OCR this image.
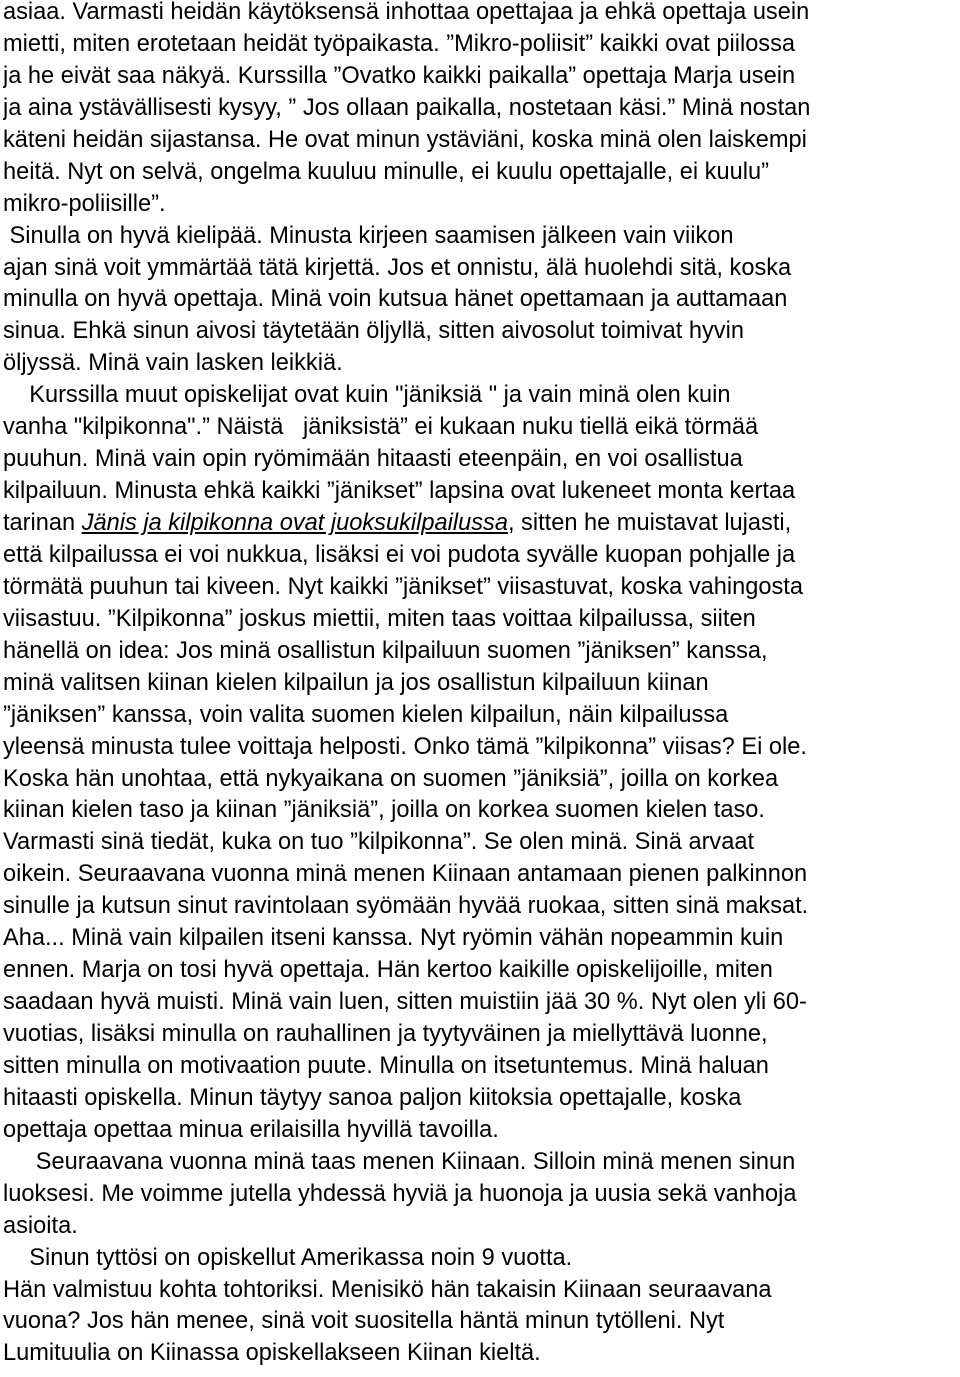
asiaa. Varmasti heidän käytöksensä inhottaa opettajaa ja ehkä opettaja usein
mietti, miten erotetaan heidät työpaikasta. ”Mikro-poliisit” kaikki ovat piilossa
ja he eivät saa näkyä. Kurssilla ”Ovatko kaikki paikalla” opettaja Marja usein
ja aina ystävällisesti kysyy, ” Jos ollaan paikalla, nostetaan käsi.” Minä nostan
käteni heidän sijastansa. He ovat minun ystäviäni, koska minä olen laiskempi
heitä. Nyt on selvä, ongelma kuuluu minulle, ei kuulu opettajalle, ei kuulu”
mikro-poliisille”.
Sinulla on hyvä kielipää. Minusta kirjeen saamisen jälkeen vain viikon
ajan sinä voit ymmärtää tätä kirjettä. Jos et onnistu, älä huolehdi sitä, koska
minulla on hyvä opettaja. Minä voin kutsua hänet opettamaan ja auttamaan
sinua. Ehkä sinun aivosi täytetään öljyllä, sitten aivosolut toimivat hyvin
öljyssä. Minä vain lasken leikkiä.
Kurssilla muut opiskelijat ovat kuin "jäniksiä " ja vain minä olen kuin
vanha "kilpikonna".” Näistä   jäniksistä” ei kukaan nuku tiellä eikä törmää
puuhun. Minä vain opin ryömimään hitaasti eteenpäin, en voi osallistua
kilpailuun. Minusta ehkä kaikki ”jänikset” lapsina ovat lukeneet monta kertaa
tarinan Jänis ja kilpikonna ovat juoksukilpailussa, sitten he muistavat lujasti,
että kilpailussa ei voi nukkua, lisäksi ei voi pudota syvälle kuopan pohjalle ja
törmätä puuhun tai kiveen. Nyt kaikki ”jänikset” viisastuvat, koska vahingosta
viisastuu. ”Kilpikonna” joskus miettii, miten taas voittaa kilpailussa, siiten
hänellä on idea: Jos minä osallistun kilpailuun suomen ”jäniksen” kanssa,
minä valitsen kiinan kielen kilpailun ja jos osallistun kilpailuun kiinan
”jäniksen” kanssa, voin valita suomen kielen kilpailun, näin kilpailussa
yleensä minusta tulee voittaja helposti. Onko tämä ”kilpikonna” viisas? Ei ole.
Koska hän unohtaa, että nykyaikana on suomen ”jäniksiä”, joilla on korkea
kiinan kielen taso ja kiinan ”jäniksiä”, joilla on korkea suomen kielen taso.
Varmasti sinä tiedät, kuka on tuo ”kilpikonna”. Se olen minä. Sinä arvaat
oikein. Seuraavana vuonna minä menen Kiinaan antamaan pienen palkinnon
sinulle ja kutsun sinut ravintolaan syömään hyvää ruokaa, sitten sinä maksat.
Aha... Minä vain kilpailen itseni kanssa. Nyt ryömin vähän nopeammin kuin
ennen. Marja on tosi hyvä opettaja. Hän kertoo kaikille opiskelijoille, miten
saadaan hyvä muisti. Minä vain luen, sitten muistiin jää 30 %. Nyt olen yli 60-
vuotias, lisäksi minulla on rauhallinen ja tyytyväinen ja miellyttävä luonne,
sitten minulla on motivaation puute. Minulla on itsetuntemus. Minä haluan
hitaasti opiskella. Minun täytyy sanoa paljon kiitoksia opettajalle, koska
opettaja opettaa minua erilaisilla hyvillä tavoilla.
Seuraavana vuonna minä taas menen Kiinaan. Silloin minä menen sinun
luoksesi. Me voimme jutella yhdessä hyviä ja huonoja ja uusia sekä vanhoja
asioita.
Sinun tyttösi on opiskellut Amerikassa noin 9 vuotta.
Hän valmistuu kohta tohtoriksi. Menisikö hän takaisin Kiinaan seuraavana
vuona? Jos hän menee, sinä voit suositella häntä minun tytölleni. Nyt
Lumituulia on Kiinassa opiskellakseen Kiinan kieltä.
